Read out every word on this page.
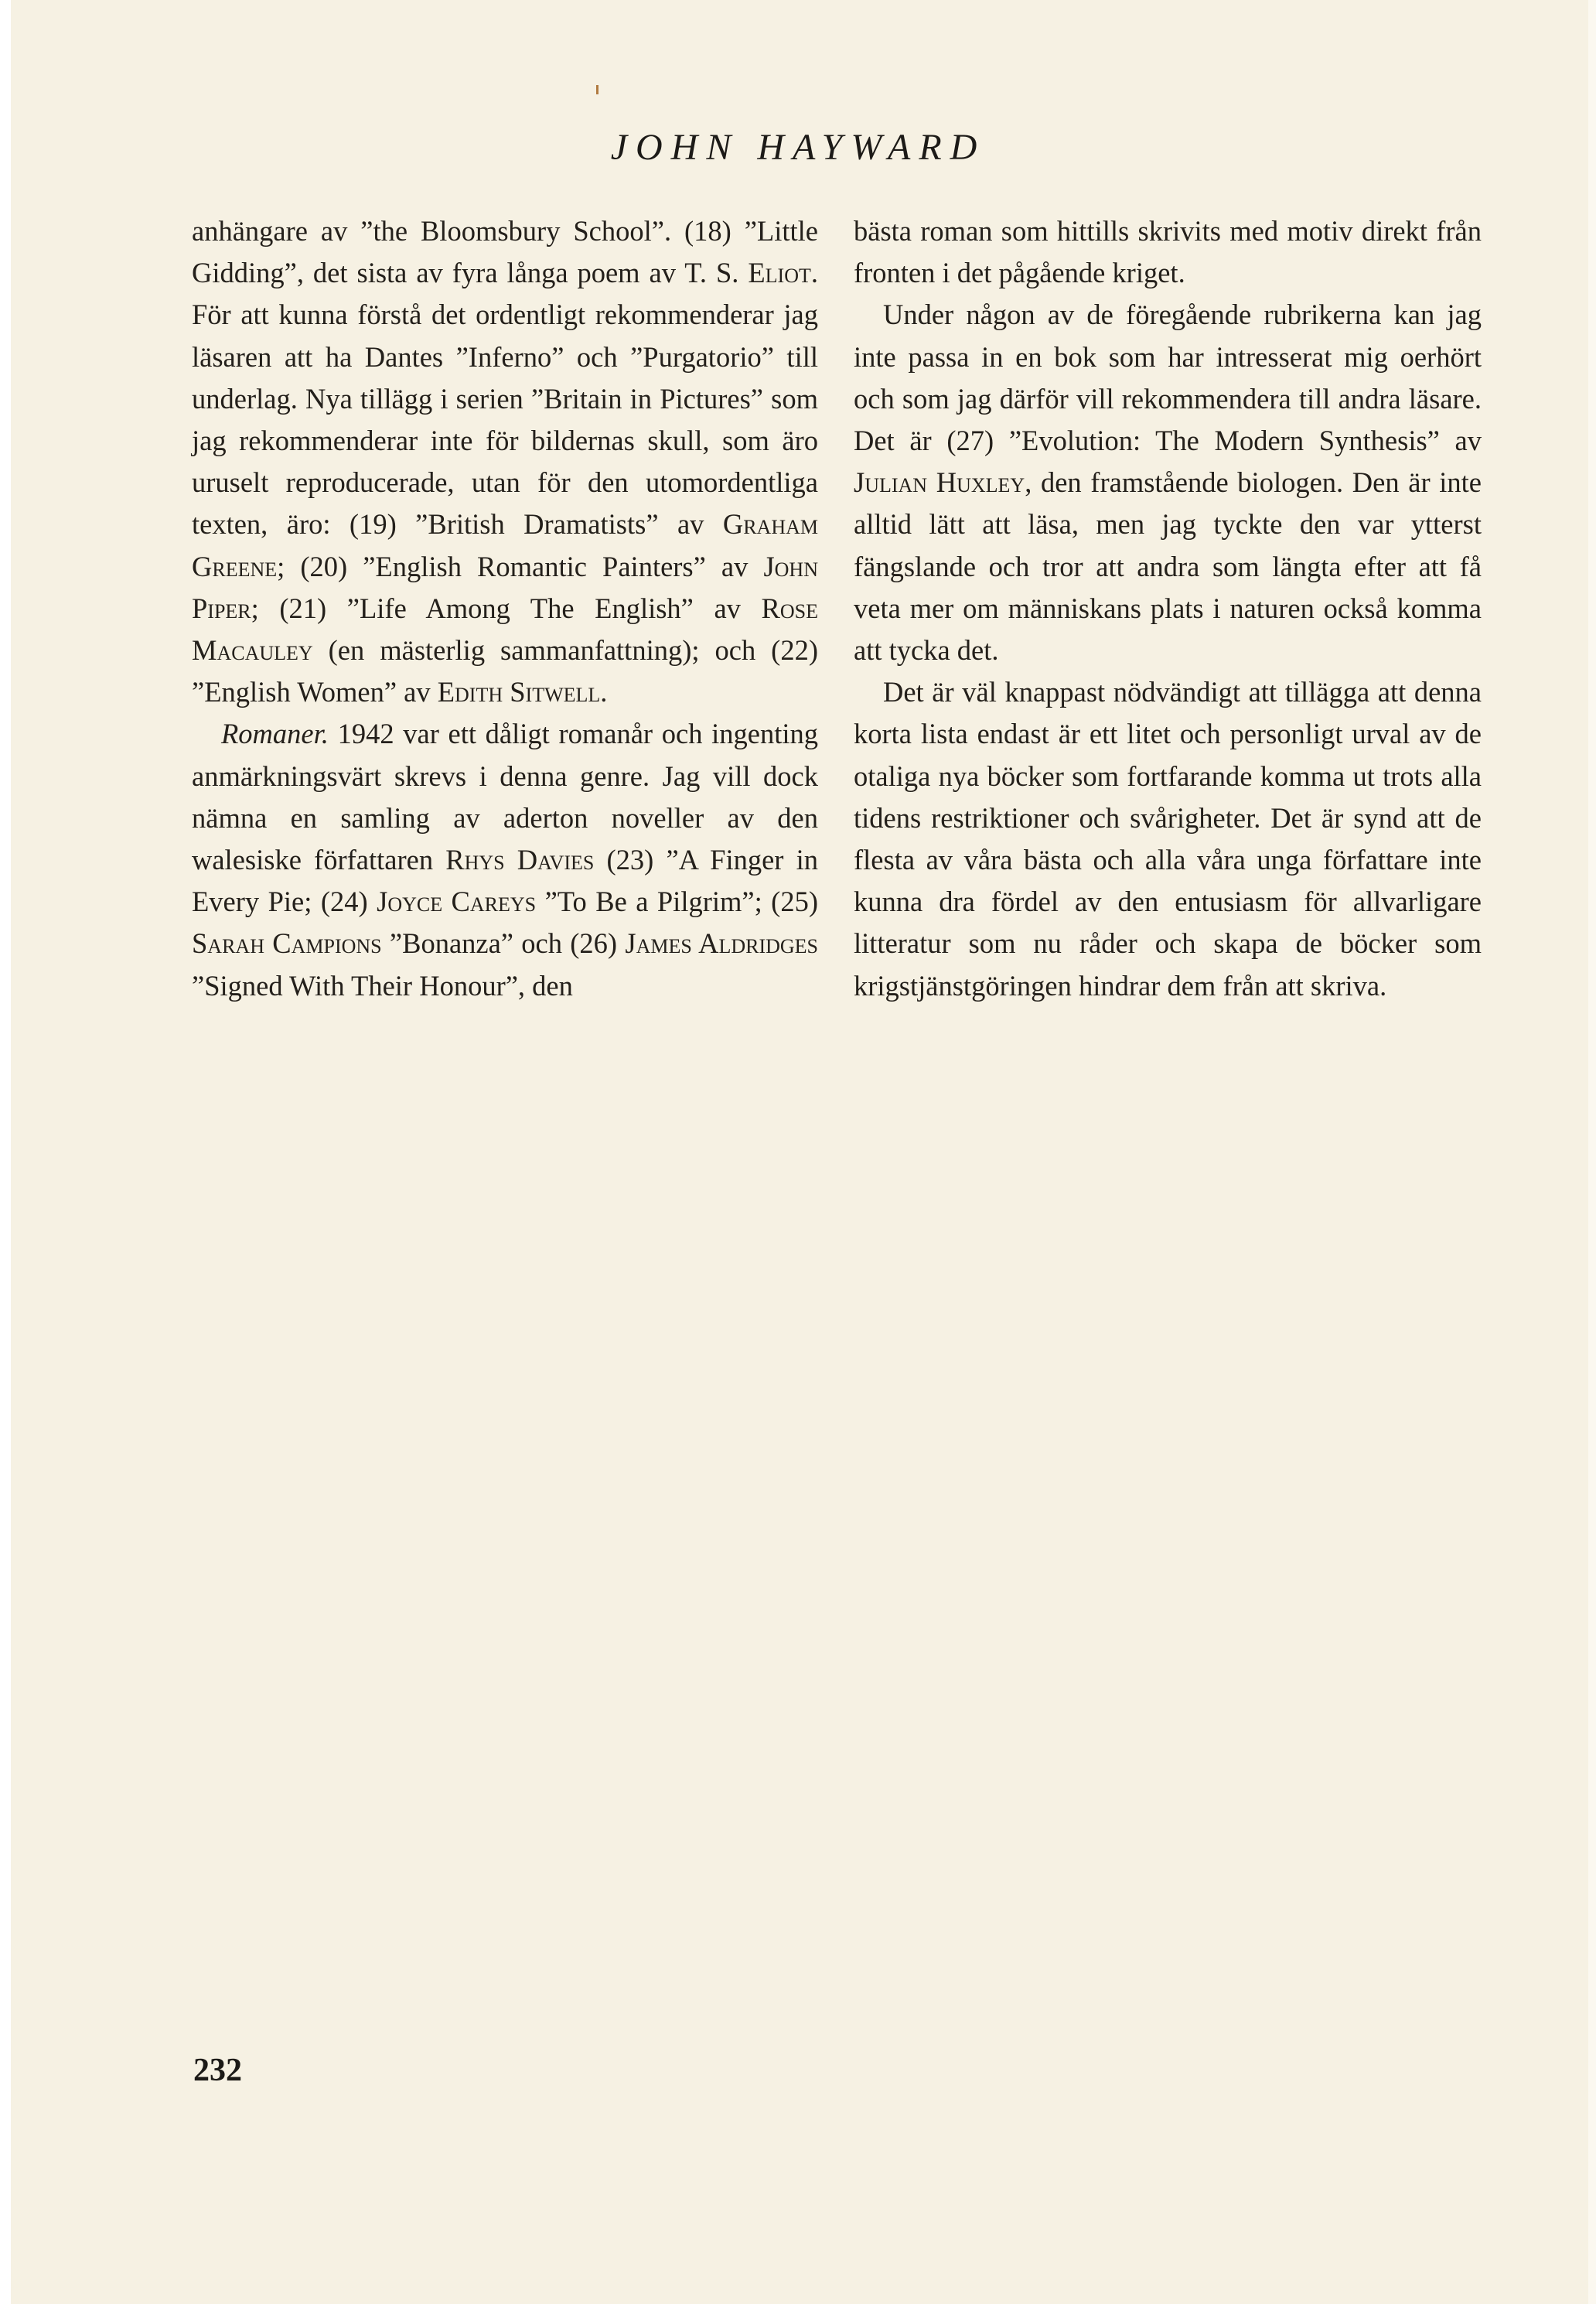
JOHN HAYWARD

anhängare av ”the Bloomsbury School”. (18) ”Little Gidding”, det sista av fyra långa poem av T. S. Eliot. För att kunna förstå det ordentligt rekommenderar jag läsaren att ha Dantes ”Inferno” och ”Purgatorio” till underlag. Nya tillägg i serien ”Britain in Pictures” som jag rekommenderar inte för bildernas skull, som äro uruselt reproducerade, utan för den utomordentliga texten, äro: (19) ”British Dramatists” av Graham Greene; (20) ”English Romantic Painters” av John Piper; (21) ”Life Among The English” av Rose Macauley (en mästerlig sammanfattning); och (22) ”English Women” av Edith Sitwell.

Romaner. 1942 var ett dåligt romanår och ingenting anmärkningsvärt skrevs i denna genre. Jag vill dock nämna en samling av aderton noveller av den walesiske författaren Rhys Davies (23) ”A Finger in Every Pie; (24) Joyce Careys ”To Be a Pilgrim”; (25) Sarah Campions ”Bonanza” och (26) James Aldridges ”Signed With Their Honour”, den

bästa roman som hittills skrivits med motiv direkt från fronten i det pågående kriget.

Under någon av de föregående rubrikerna kan jag inte passa in en bok som har intresserat mig oerhört och som jag därför vill rekommendera till andra läsare. Det är (27) ”Evolution: The Modern Synthesis” av Julian Huxley, den framstående biologen. Den är inte alltid lätt att läsa, men jag tyckte den var ytterst fängslande och tror att andra som längta efter att få veta mer om människans plats i naturen också komma att tycka det.

Det är väl knappast nödvändigt att tillägga att denna korta lista endast är ett litet och personligt urval av de otaliga nya böcker som fortfarande komma ut trots alla tidens restriktioner och svårigheter. Det är synd att de flesta av våra bästa och alla våra unga författare inte kunna dra fördel av den entusiasm för allvarligare litteratur som nu råder och skapa de böcker som krigstjänstgöringen hindrar dem från att skriva.

232
